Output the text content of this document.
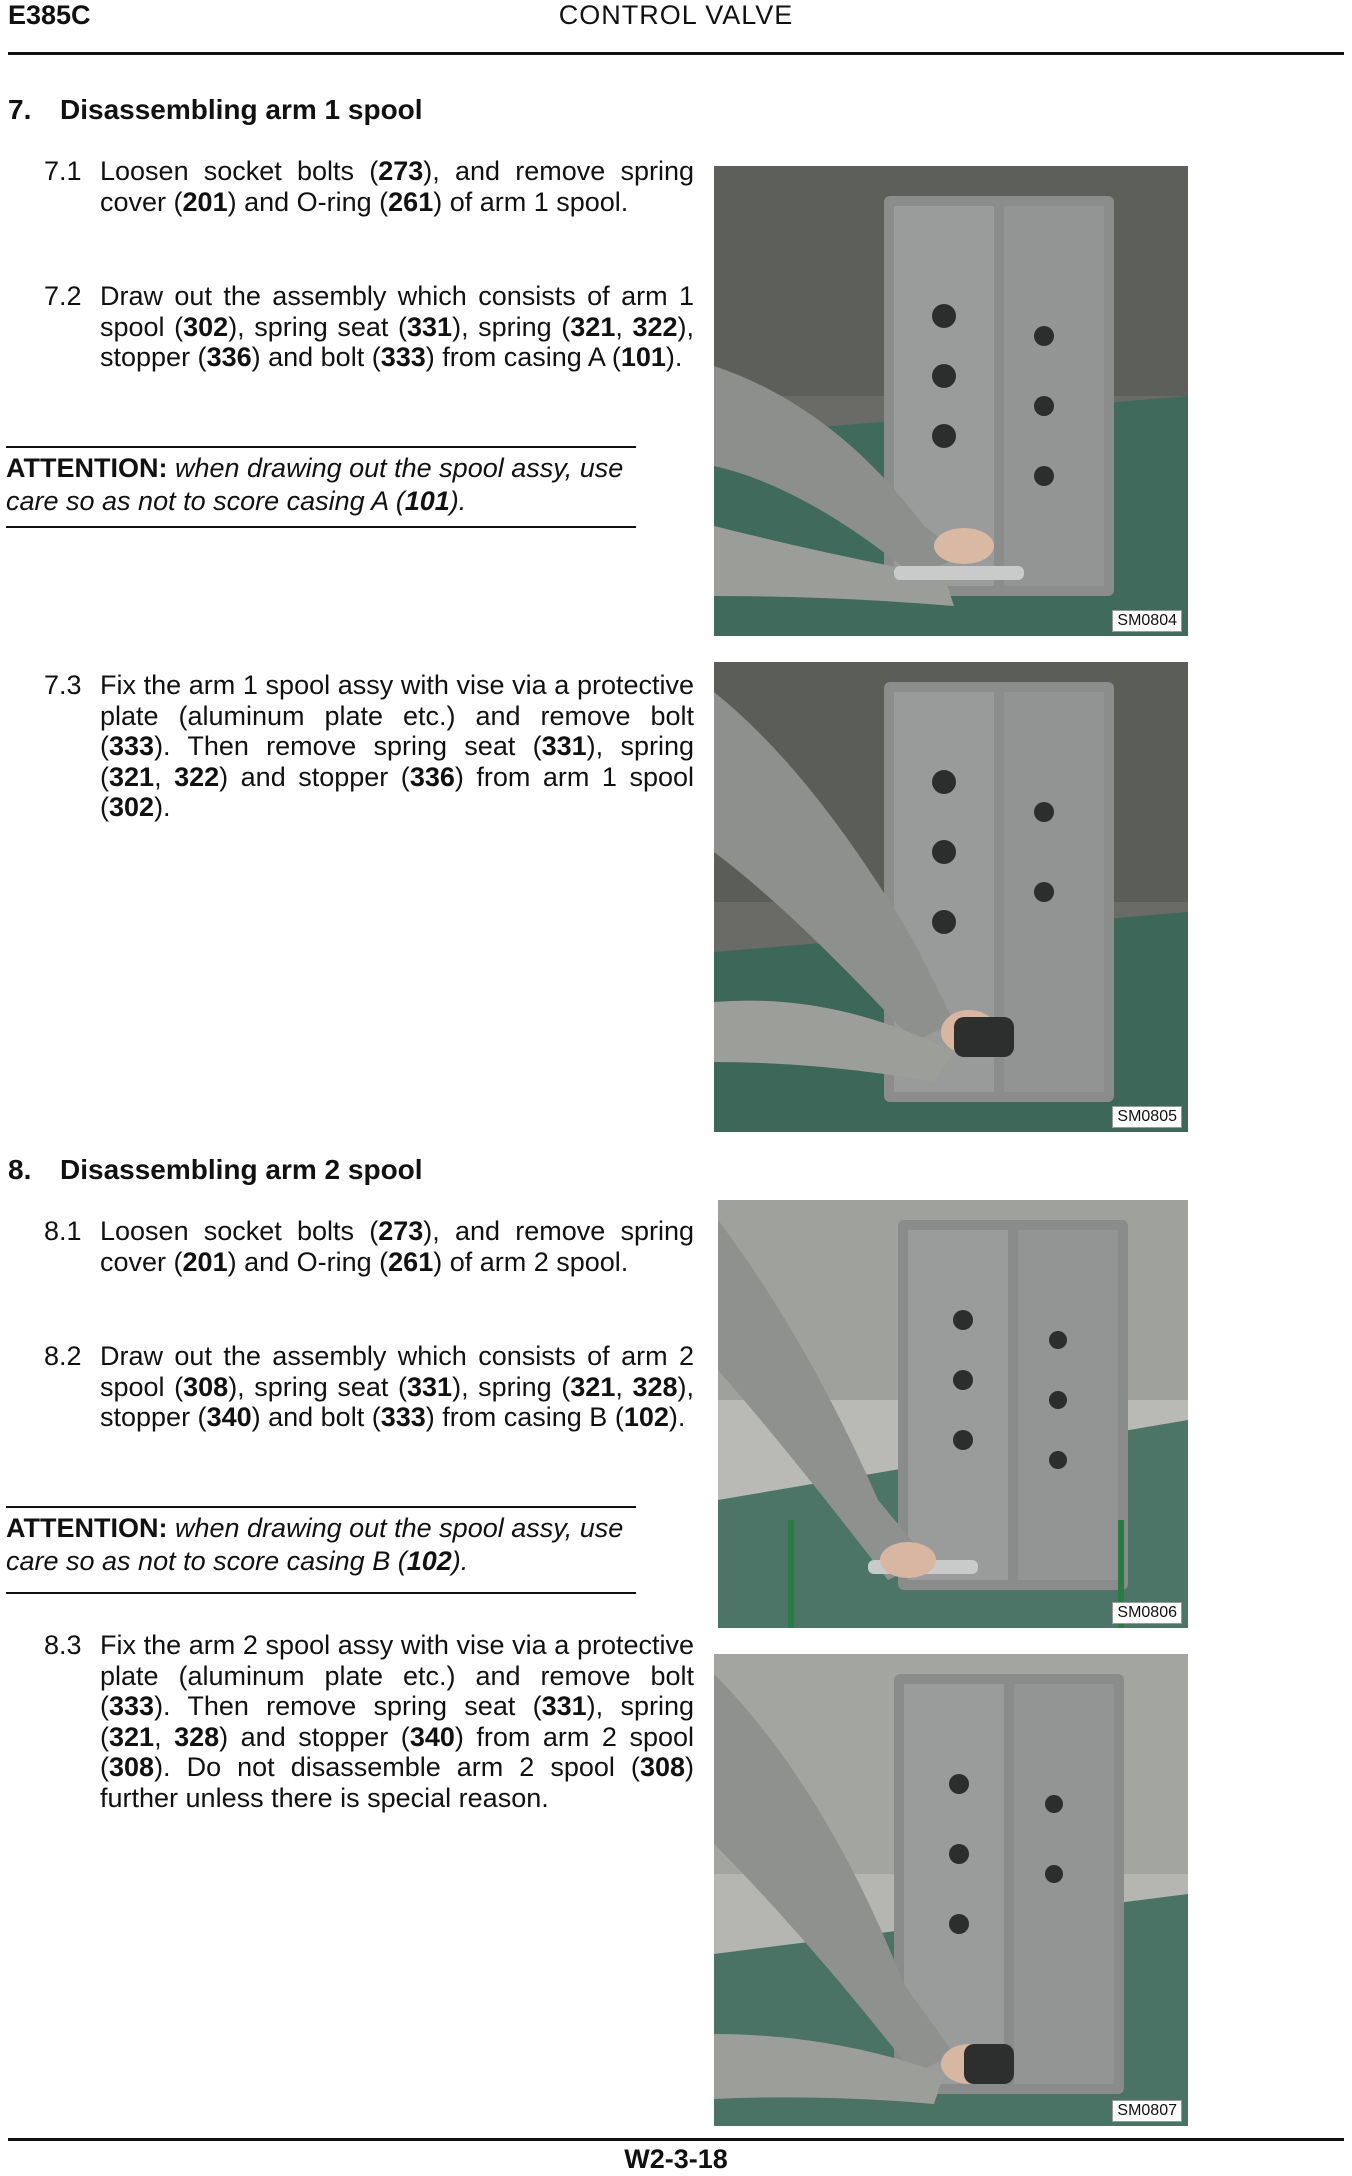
E385C	CONTROL VALVE
7. Disassembling arm 1 spool
7.1 Loosen socket bolts (273), and remove spring cover (201) and O-ring (261) of arm 1 spool.
7.2 Draw out the assembly which consists of arm 1 spool (302), spring seat (331), spring (321, 322), stopper (336) and bolt (333) from casing A (101).
ATTENTION: when drawing out the spool assy, use care so as not to score casing A (101).
7.3 Fix the arm 1 spool assy with vise via a protective plate (aluminum plate etc.) and remove bolt (333). Then remove spring seat (331), spring (321, 322) and stopper (336) from arm 1 spool (302).
8. Disassembling arm 2 spool
8.1 Loosen socket bolts (273), and remove spring cover (201) and O-ring (261) of arm 2 spool.
8.2 Draw out the assembly which consists of arm 2 spool (308), spring seat (331), spring (321, 328), stopper (340) and bolt (333) from casing B (102).
ATTENTION: when drawing out the spool assy, use care so as not to score casing B (102).
8.3 Fix the arm 2 spool assy with vise via a protective plate (aluminum plate etc.) and remove bolt (333). Then remove spring seat (331), spring (321, 328) and stopper (340) from arm 2 spool (308). Do not disassemble arm 2 spool (308) further unless there is special reason.
SM0804
SM0805
SM0806
SM0807
W2-3-18
